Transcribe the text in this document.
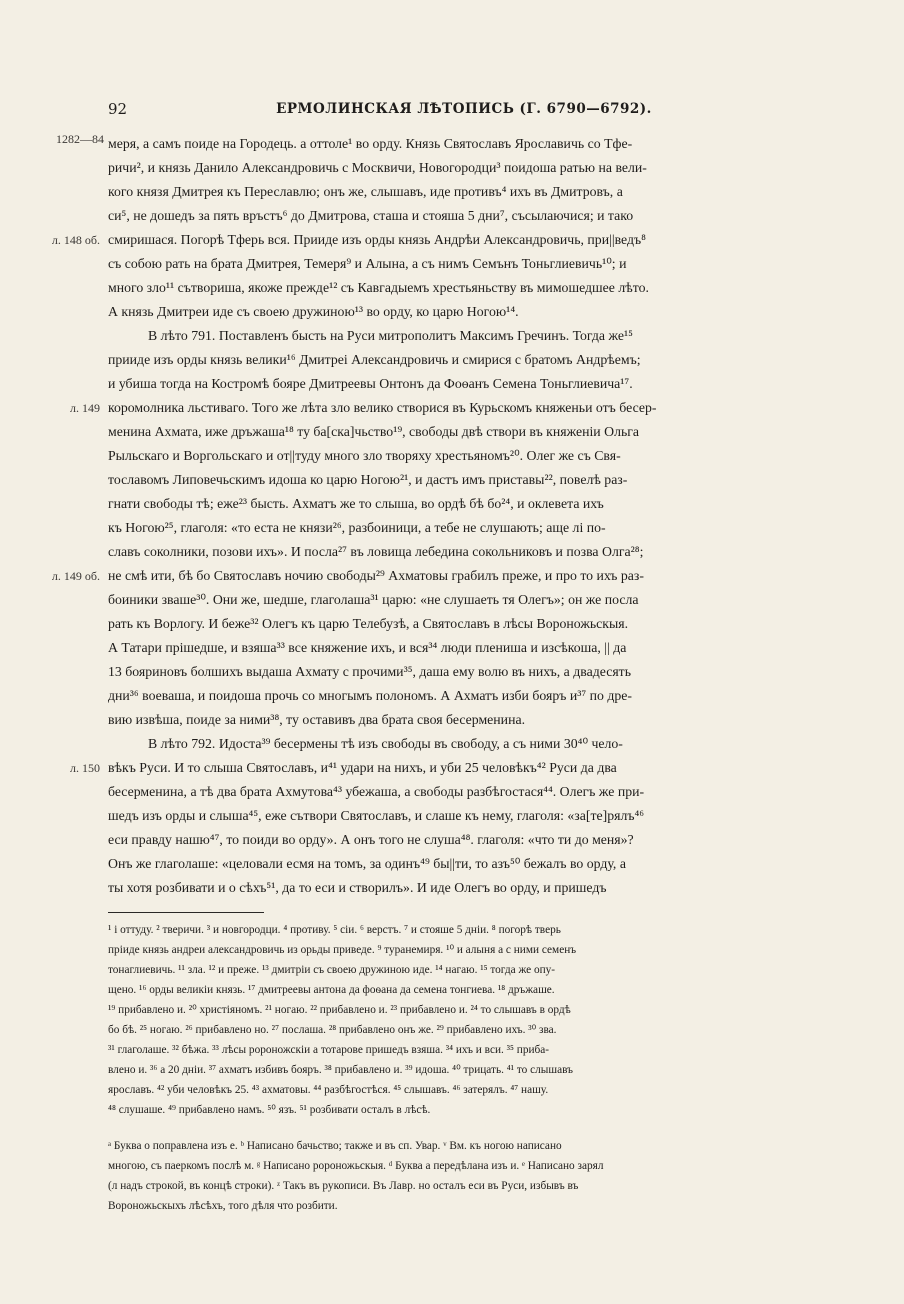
92	ЕРМОЛИНСКАЯ ЛѢТОПИСЬ (Г. 6790—6792).
1282—84
л. 148 об.
л. 149
л. 149 об.
л. 150
меря, а самъ поиде на Городець. а оттоле¹ во орду. Князь Святославъ Ярославичь со Тфе-
ричи², и князь Данило Александровичь с Москвичи, Новогородци³ поидоша ратью на вели-
кого князя Дмитрея къ Переславлю; онъ же, слышавъ, иде противъ⁴ ихъ въ Дмитровъ, а
си⁵, не дошедъ за пять връстъ⁶ до Дмитрова, сташа и стояша 5 дни⁷, съсылаючися; и тако
смиришася. Погорѣ Тферь вся. Прииде изъ орды князь Андрѣи Александровичь, при||ведъ⁸
съ собою рать на брата Дмитрея, Темеря⁹ и Алына, а съ нимъ Семънъ Тоньглиевичь¹⁰; и
много зло¹¹ сътвориша, якоже прежде¹² съ Кавгадыемъ хрестьяньству въ мимошедшее лѣто.
А князь Дмитреи иде съ своею дружиною¹³ во орду, ко царю Ногою¹⁴.
В лѣто 791. Поставленъ бысть на Руси митрополитъ Максимъ Гречинъ. Тогда же¹⁵
прииде изъ орды князь велики¹⁶ Дмитреi Александровичь и смирися с братомъ Андрѣемъ;
и убиша тогда на Костромѣ бояре Дмитреевы Онтонъ да Фоѳанъ Семена Тоньглиевича¹⁷.
коромолника льстиваго. Того же лѣта зло велико створися въ Курьскомъ княженьи отъ бесер-
менина Ахмата, иже дръжаша¹⁸ ту ба[ска]чьство¹⁹, свободы двѣ створи въ княженiи Ольга
Рыльскаго и Воргольскаго и от||туду много зло творяху хрестьяномъ²⁰. Олег же съ Свя-
тославомъ Липовечьскимъ идоша ко царю Ногою²¹, и дастъ имъ приставы²², повелѣ раз-
гнати свободы тѣ; еже²³ бысть. Ахматъ же то слыша, во ордѣ бѣ бо²⁴, и оклевета ихъ
къ Ногою²⁵, глаголя: «то еста не князи²⁶, разбоиници, а тебе не слушають; аще лi по-
славъ соколники, позови ихъ». И посла²⁷ въ ловища лебедина сокольниковъ и позва Олга²⁸;
не смѣ ити, бѣ бо Святославъ ночию свободы²⁹ Ахматовы грабилъ преже, и про то ихъ раз-
боиники зваше³⁰. Они же, шедше, глаголаша³¹ царю: «не слушаеть тя Олегъ»; он же посла
рать къ Ворлогу. И беже³² Олегъ къ царю Телебузѣ, а Святославъ в лѣсы Вороножьскыя.
А Татари прiшедше, и взяша³³ все княжение ихъ, и вся³⁴ люди плениша и изсѣкоша, || да
13 бояриновъ болшихъ выдаша Ахмату с прочими³⁵, даша ему волю въ нихъ, а двадесять
дни³⁶ воеваша, и поидоша прочь со многымъ полономъ. А Ахматъ изби бояръ и³⁷ по дре-
вию извѣша, поиде за ними³⁸, ту оставивъ два брата своя бесерменина.
В лѣто 792. Идоста³⁹ бесермены тѣ изъ свободы въ свободу, а съ ними 30⁴⁰ чело-
вѣкъ Руси. И то слыша Святославъ, и⁴¹ удари на нихъ, и уби 25 человѣкъ⁴² Руси да два
бесерменина, а тѣ два брата Ахмутова⁴³ убежаша, а свободы разбѣгостася⁴⁴. Олегъ же при-
шедъ изъ орды и слыша⁴⁵, еже сътвори Святославъ, и слаше къ нему, глаголя: «за[те]рялъ⁴⁶
еси правду нашю⁴⁷, то поиди во орду». А онъ того не слуша⁴⁸. глаголя: «что ти до меня»?
Онъ же глаголаше: «целовали есмя на томъ, за одинъ⁴⁹ бы||ти, то азъ⁵⁰ бежалъ во орду, а
ты хотя розбивати и о сѣхъ⁵¹, да то еси и створилъ». И иде Олегъ во орду, и пришедъ
¹ i оттуду. ² тверичи. ³ и новгородци. ⁴ противу. ⁵ сiи. ⁶ верстъ. ⁷ и стояше 5 днiи. ⁸ погорѣ тверь
прiиде князь андреи александровичь из орьды приведе. ⁹ туранемиря. ¹⁰ и алыня а с ними семенъ
тонаглиевичь. ¹¹ зла. ¹² и преже. ¹³ дмитрiи съ своею дружиною иде. ¹⁴ нагаю. ¹⁵ тогда же опу-
щено. ¹⁶ орды великiи князь. ¹⁷ дмитреевы антона да фоѳана да семена тонгиева. ¹⁸ дръжаше.
¹⁹ прибавлено и. ²⁰ христiяномъ. ²¹ ногаю. ²² прибавлено и. ²³ прибавлено и. ²⁴ то слышавъ в ордѣ
бо бѣ. ²⁵ ногаю. ²⁶ прибавлено но. ²⁷ послаша. ²⁸ прибавлено онъ же. ²⁹ прибавлено ихъ. ³⁰ зва.
³¹ глаголаше. ³² бѣжа. ³³ лѣсы ророножскiи а тотарове пришедъ взяша. ³⁴ ихъ и вси. ³⁵ приба-
влено и. ³⁶ а 20 днiи. ³⁷ ахматъ избивъ бояръ. ³⁸ прибавлено и. ³⁹ идоша. ⁴⁰ трицать. ⁴¹ то слышавъ
ярославъ. ⁴² уби человѣкъ 25. ⁴³ ахматовы. ⁴⁴ разбѣгостѣся. ⁴⁵ слышавъ. ⁴⁶ затерялъ. ⁴⁷ нашу.
⁴⁸ слушаше. ⁴⁹ прибавлено намъ. ⁵⁰ язъ. ⁵¹ розбивати осталъ в лѣсѣ.
ᵃ Буква о поправлена изъ е. ᵇ Написано бачьство; также и въ сп. Увар. ᵛ Вм. къ ногою написано
многою, съ паеркомъ послѣ м. ᵍ Написано ророножьскыя. ᵈ Буква а передѣлана изъ и. ᵉ Написано зарял
(л надъ строкой, въ концѣ строки). ᶻ Такъ въ рукописи. Въ Лавр. но осталъ еси въ Руси, избывъ въ
Вороножьскыхъ лѣсѣхъ, того дѣля что розбити.
